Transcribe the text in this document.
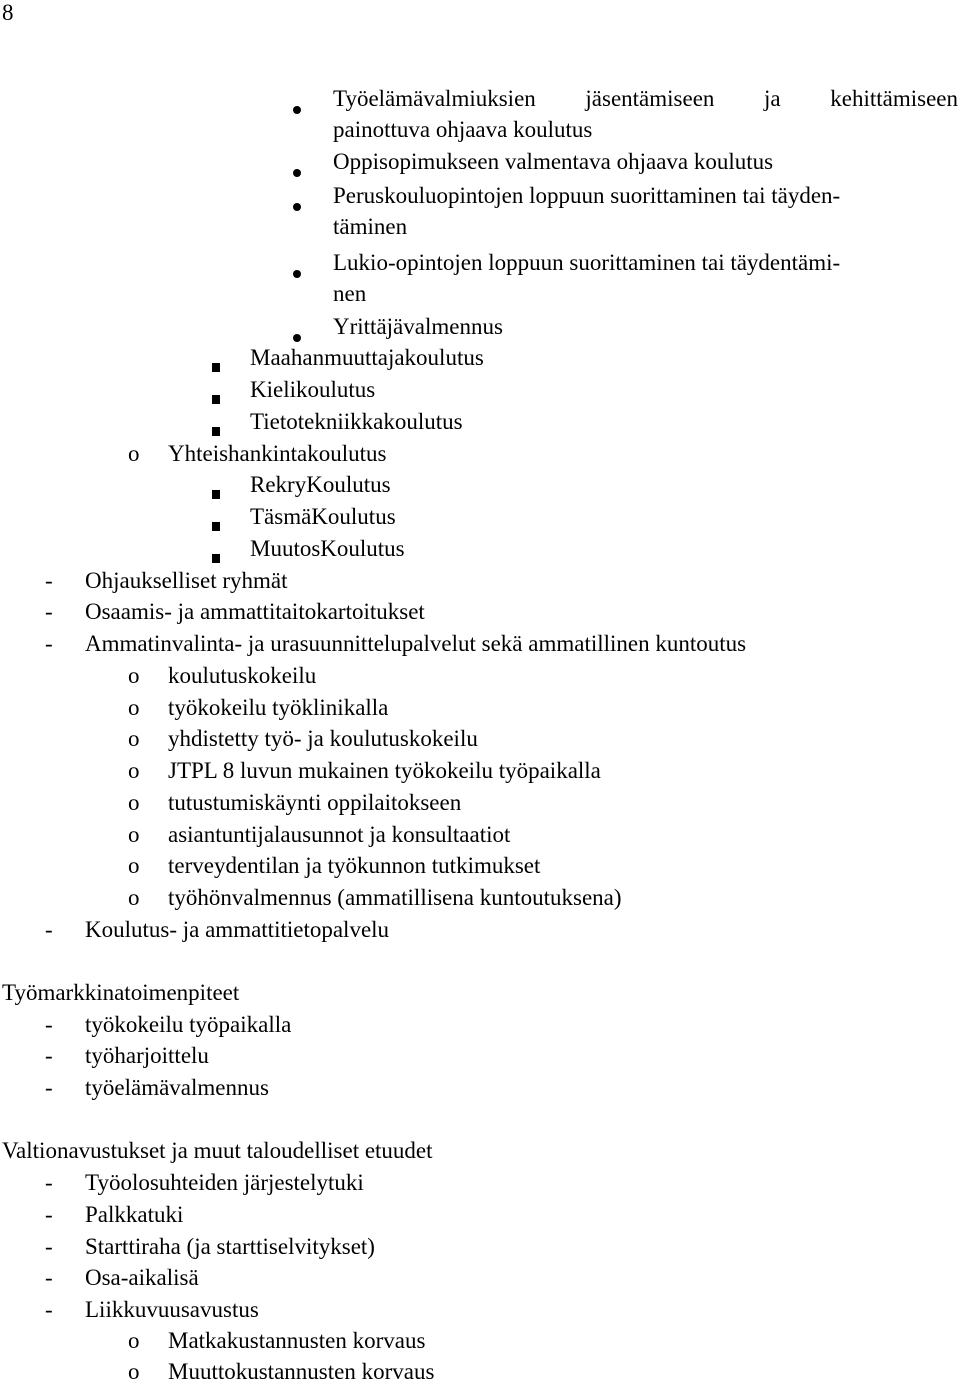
8
Työelämävalmiuksien jäsentämiseen ja kehittämiseen
painottuva ohjaava koulutus
Oppisopimukseen valmentava ohjaava koulutus
Peruskouluopintojen loppuun suorittaminen tai täyden-
täminen
Lukio-opintojen loppuun suorittaminen tai täydentämi-
nen
Yrittäjävalmennus
Maahanmuuttajakoulutus
Kielikoulutus
Tietotekniikkakoulutus
o Yhteishankintakoulutus
RekryKoulutus
TäsmäKoulutus
MuutosKoulutus
- Ohjaukselliset ryhmät
- Osaamis- ja ammattitaitokartoitukset
- Ammatinvalinta- ja urasuunnittelupalvelut sekä ammatillinen kuntoutus
o koulutuskokeilu
o työkokeilu työklinikalla
o yhdistetty työ- ja koulutuskokeilu
o JTPL 8 luvun mukainen työkokeilu työpaikalla
o tutustumiskäynti oppilaitokseen
o asiantuntijalausunnot ja konsultaatiot
o terveydentilan ja työkunnon tutkimukset
o työhönvalmennus (ammatillisena kuntoutuksena)
- Koulutus- ja ammattitietopalvelu
Työmarkkinatoimenpiteet
- työkokeilu työpaikalla
- työharjoittelu
- työelämävalmennus
Valtionavustukset ja muut taloudelliset etuudet
- Työolosuhteiden järjestelytuki
- Palkkatuki
- Starttiraha (ja starttiselvitykset)
- Osa-aikalisä
- Liikkuvuusavustus
o Matkakustannusten korvaus
o Muuttokustannusten korvaus
